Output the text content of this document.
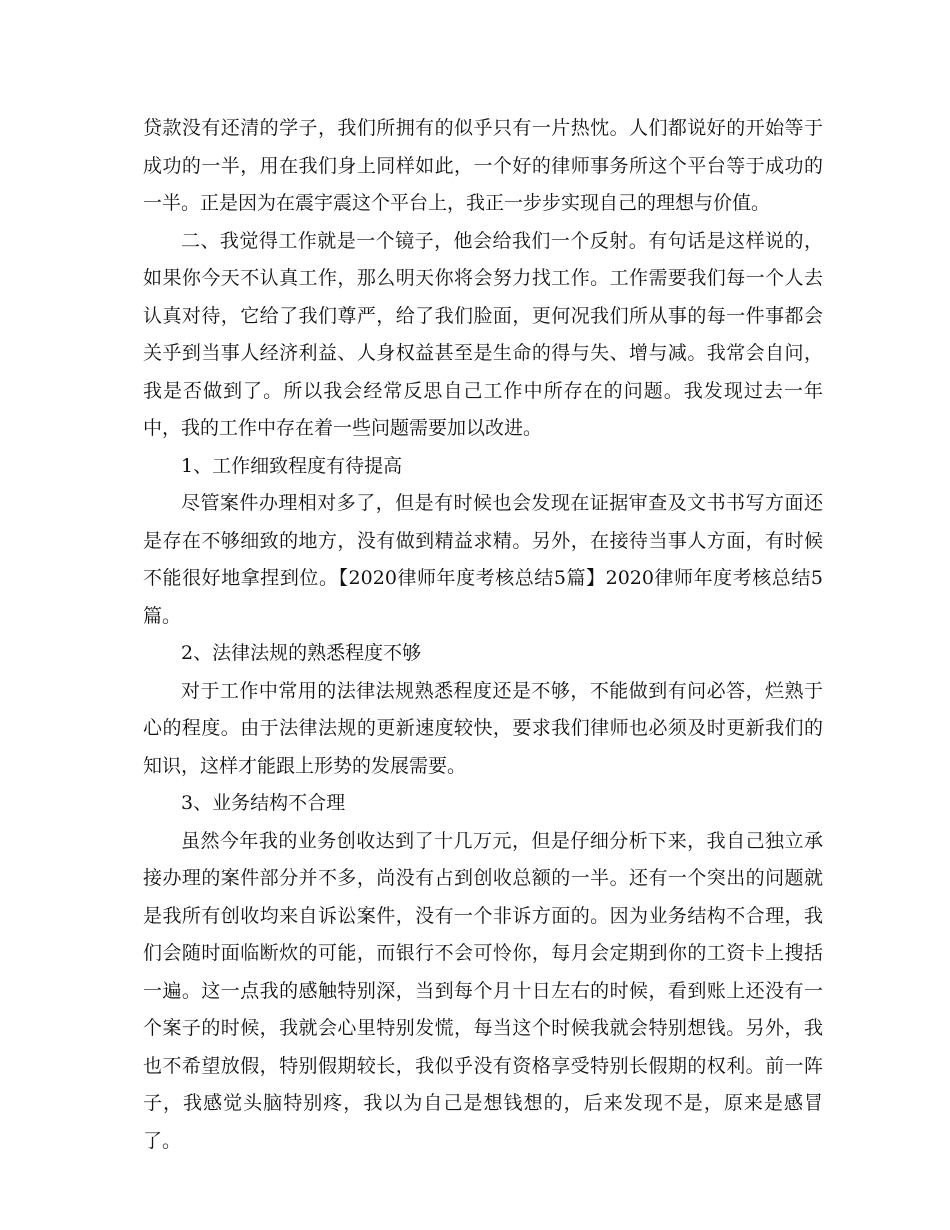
贷款没有还清的学子，我们所拥有的似乎只有一片热忱。人们都说好的开始等于成功的一半，用在我们身上同样如此，一个好的律师事务所这个平台等于成功的一半。正是因为在震宇震这个平台上，我正一步步实现自己的理想与价值。

二、我觉得工作就是一个镜子，他会给我们一个反射。有句话是这样说的，如果你今天不认真工作，那么明天你将会努力找工作。工作需要我们每一个人去认真对待，它给了我们尊严，给了我们脸面，更何况我们所从事的每一件事都会关乎到当事人经济利益、人身权益甚至是生命的得与失、增与减。我常会自问，我是否做到了。所以我会经常反思自己工作中所存在的问题。我发现过去一年中，我的工作中存在着一些问题需要加以改进。

1、工作细致程度有待提高

尽管案件办理相对多了，但是有时候也会发现在证据审查及文书书写方面还是存在不够细致的地方，没有做到精益求精。另外，在接待当事人方面，有时候不能很好地拿捏到位。【2020律师年度考核总结5篇】2020律师年度考核总结5篇。

2、法律法规的熟悉程度不够

对于工作中常用的法律法规熟悉程度还是不够，不能做到有问必答，烂熟于心的程度。由于法律法规的更新速度较快，要求我们律师也必须及时更新我们的知识，这样才能跟上形势的发展需要。

3、业务结构不合理

虽然今年我的业务创收达到了十几万元，但是仔细分析下来，我自己独立承接办理的案件部分并不多，尚没有占到创收总额的一半。还有一个突出的问题就是我所有创收均来自诉讼案件，没有一个非诉方面的。因为业务结构不合理，我们会随时面临断炊的可能，而银行不会可怜你，每月会定期到你的工资卡上搜括一遍。这一点我的感触特别深，当到每个月十日左右的时候，看到账上还没有一个案子的时候，我就会心里特别发慌，每当这个时候我就会特别想钱。另外，我也不希望放假，特别假期较长，我似乎没有资格享受特别长假期的权利。前一阵子，我感觉头脑特别疼，我以为自己是想钱想的，后来发现不是，原来是感冒了。
